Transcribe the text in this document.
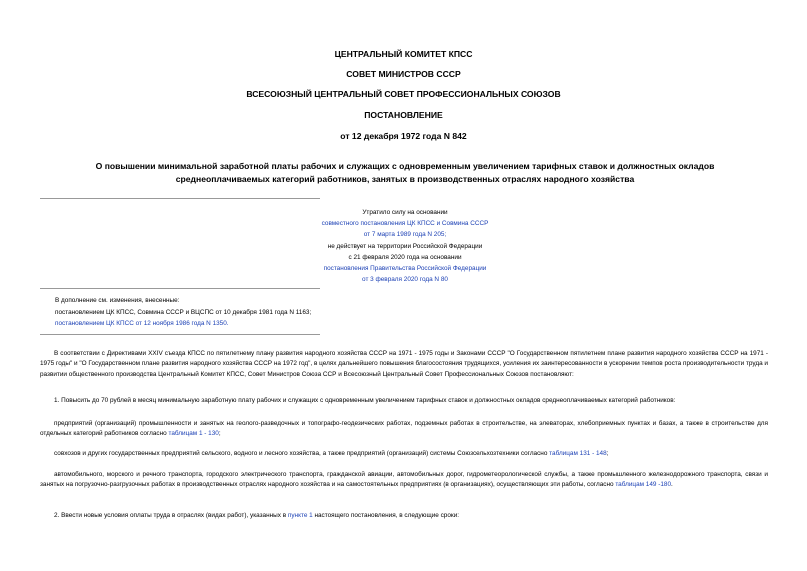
ЦЕНТРАЛЬНЫЙ КОМИТЕТ КПСС
СОВЕТ МИНИСТРОВ СССР
ВСЕСОЮЗНЫЙ ЦЕНТРАЛЬНЫЙ СОВЕТ ПРОФЕССИОНАЛЬНЫХ СОЮЗОВ
ПОСТАНОВЛЕНИЕ
от 12 декабря 1972 года N 842
О повышении минимальной заработной платы рабочих и служащих с одновременным увеличением тарифных ставок и должностных окладов
среднеоплачиваемых категорий работников, занятых в производственных отраслях народного хозяйства
Утратило силу на основании
совместного постановления ЦК КПСС и Совмина СССР
от 7 марта 1989 года N 205;
не действует на территории Российской Федерации
с 21 февраля 2020 года на основании
постановления Правительства Российской Федерации
от 3 февраля 2020 года N 80
В дополнение см. изменения, внесенные:
постановлением ЦК КПСС, Совмина СССР и ВЦСПС от 10 декабря 1981 года N 1163;
постановлением ЦК КПСС от 12 ноября 1986 года N 1350.
В соответствии с Директивами XXIV съезда КПСС по пятилетнему плану развития народного хозяйства СССР на 1971 - 1975 годы и Законами СССР "О Государственном пятилетнем плане развития народного хозяйства СССР на 1971 - 1975 годы" и "О Государственном плане развития народного хозяйства СССР на 1972 год", в целях дальнейшего повышения благосостояния трудящихся, усиления их заинтересованности в ускорении темпов роста производительности труда и развитии общественного производства Центральный Комитет КПСС, Совет Министров Союза ССР и Всесоюзный Центральный Совет Профессиональных Союзов постановляют:
1. Повысить до 70 рублей в месяц минимальную заработную плату рабочих и служащих с одновременным увеличением тарифных ставок и должностных окладов среднеоплачиваемых категорий работников:
предприятий (организаций) промышленности и занятых на геолого-разведочных и топографо-геодезических работах, подземных работах в строительстве, на элеваторах, хлебоприемных пунктах и базах, а также в строительстве для отдельных категорий работников согласно таблицам 1 - 130;
совхозов и других государственных предприятий сельского, водного и лесного хозяйства, а также предприятий (организаций) системы Союзсельхозтехники согласно таблицам 131 - 148;
автомобильного, морского и речного транспорта, городского электрического транспорта, гражданской авиации, автомобильных дорог, гидрометеорологической службы, а также промышленного железнодорожного транспорта, связи и занятых на погрузочно-разгрузочных работах в производственных отраслях народного хозяйства и на самостоятельных предприятиях (в организациях), осуществляющих эти работы, согласно таблицам 149 -180.
2. Ввести новые условия оплаты труда в отраслях (видах работ), указанных в пункте 1 настоящего постановления, в следующие сроки:
